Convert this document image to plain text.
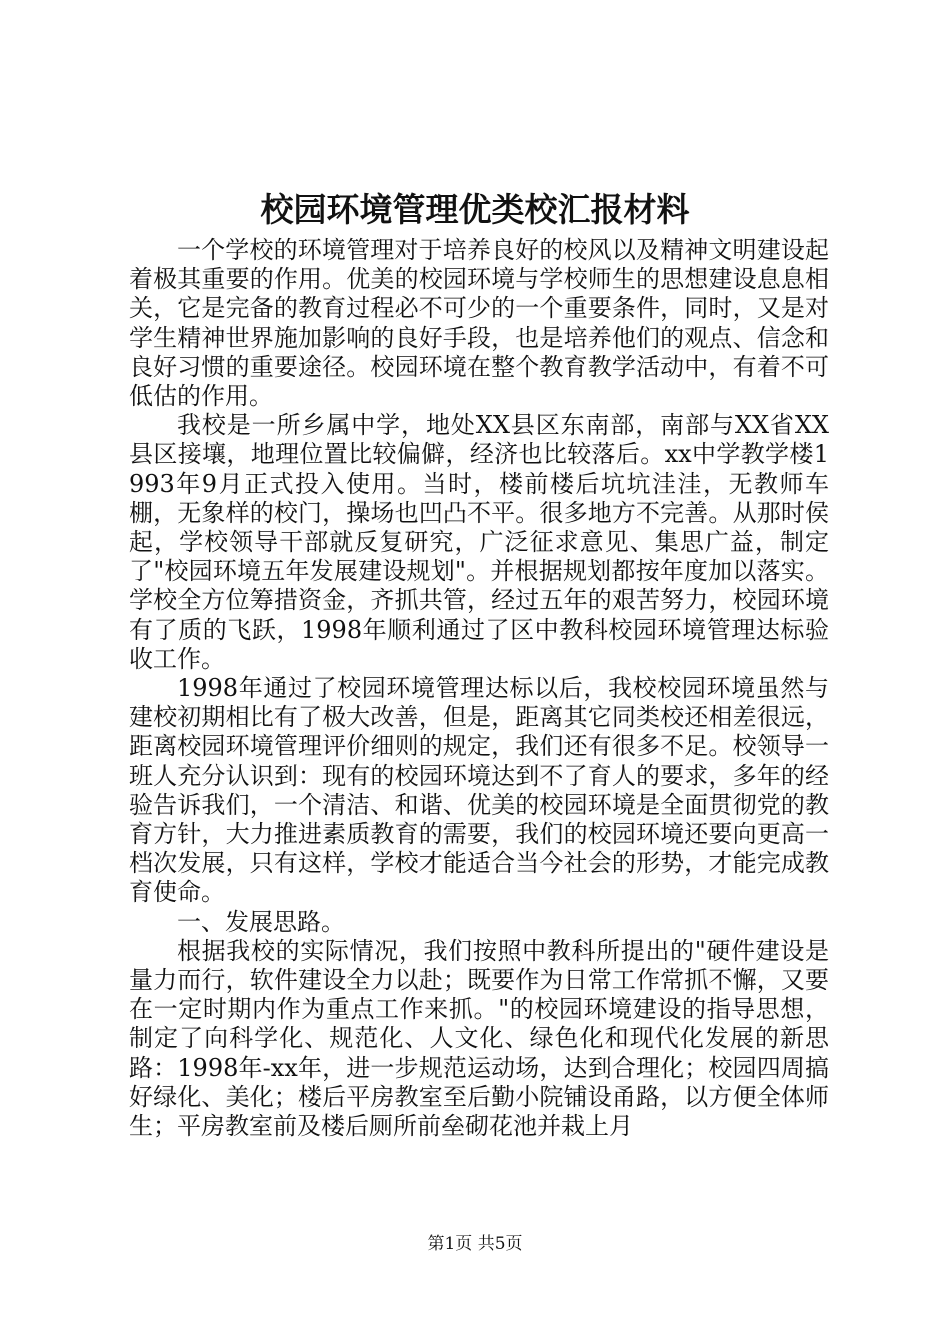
校园环境管理优类校汇报材料

一个学校的环境管理对于培养良好的校风以及精神文明建设起着极其重要的作用。优美的校园环境与学校师生的思想建设息息相关，它是完备的教育过程必不可少的一个重要条件，同时，又是对学生精神世界施加影响的良好手段，也是培养他们的观点、信念和良好习惯的重要途径。校园环境在整个教育教学活动中，有着不可低估的作用。

我校是一所乡属中学，地处XX县区东南部，南部与XX省XX县区接壤，地理位置比较偏僻，经济也比较落后。xx中学教学楼1993年9月正式投入使用。当时，楼前楼后坑坑洼洼，无教师车棚，无象样的校门，操场也凹凸不平。很多地方不完善。从那时侯起，学校领导干部就反复研究，广泛征求意见、集思广益，制定了"校园环境五年发展建设规划"。并根据规划都按年度加以落实。学校全方位筹措资金，齐抓共管，经过五年的艰苦努力，校园环境有了质的飞跃，1998年顺利通过了区中教科校园环境管理达标验收工作。

1998年通过了校园环境管理达标以后，我校校园环境虽然与建校初期相比有了极大改善，但是，距离其它同类校还相差很远，距离校园环境管理评价细则的规定，我们还有很多不足。校领导一班人充分认识到：现有的校园环境达到不了育人的要求，多年的经验告诉我们，一个清洁、和谐、优美的校园环境是全面贯彻党的教育方针，大力推进素质教育的需要，我们的校园环境还要向更高一档次发展，只有这样，学校才能适合当今社会的形势，才能完成教育使命。

一、发展思路。

根据我校的实际情况，我们按照中教科所提出的"硬件建设是量力而行，软件建设全力以赴；既要作为日常工作常抓不懈，又要在一定时期内作为重点工作来抓。"的校园环境建设的指导思想，制定了向科学化、规范化、人文化、绿色化和现代化发展的新思路：1998年-xx年，进一步规范运动场，达到合理化；校园四周搞好绿化、美化；楼后平房教室至后勤小院铺设甬路，以方便全体师生；平房教室前及楼后厕所前垒砌花池并栽上月

第1页 共5页
